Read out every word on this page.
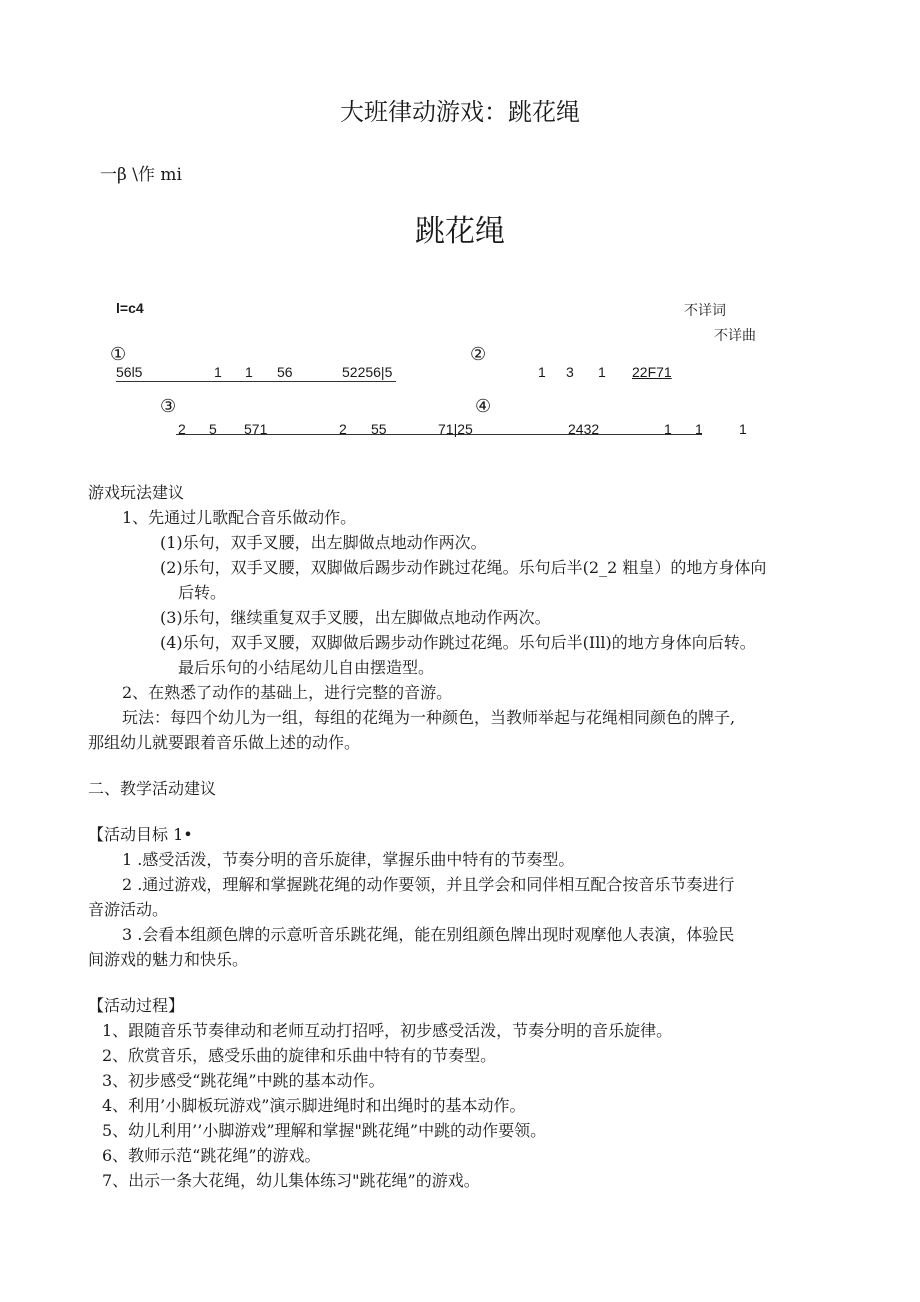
大班律动游戏：跳花绳
一β \作 mi
跳花绳
l=c4	不详词
不详曲
①	②
③	④
56l5	1 1 56	52256|5	1 3 1 22F71
2 5 571	2 55	71|25	2432	1 1	1
游戏玩法建议
1、先通过儿歌配合音乐做动作。
(1)乐句，双手叉腰，出左脚做点地动作两次。
(2)乐句，双手叉腰，双脚做后踢步动作跳过花绳。乐句后半(2_2 粗皇）的地方身体向
后转。
(3)乐句，继续重复双手叉腰，出左脚做点地动作两次。
(4)乐句，双手叉腰，双脚做后踢步动作跳过花绳。乐句后半(Ill)的地方身体向后转。
最后乐句的小结尾幼儿自由摆造型。
2、在熟悉了动作的基础上，进行完整的音游。
玩法：每四个幼儿为一组，每组的花绳为一种颜色，当教师举起与花绳相同颜色的牌子,
那组幼儿就要跟着音乐做上述的动作。
二、教学活动建议
【活动目标 1•
1 .感受活泼，节奏分明的音乐旋律，掌握乐曲中特有的节奏型。
2 .通过游戏，理解和掌握跳花绳的动作要领，并且学会和同伴相互配合按音乐节奏进行
音游活动。
3 .会看本组颜色牌的示意听音乐跳花绳，能在别组颜色牌出现时观摩他人表演，体验民
间游戏的魅力和快乐。
【活动过程】
1、跟随音乐节奏律动和老师互动打招呼，初步感受活泼，节奏分明的音乐旋律。
2、欣赏音乐，感受乐曲的旋律和乐曲中特有的节奏型。
3、初步感受“跳花绳”中跳的基本动作。
4、利用’小脚板玩游戏”演示脚进绳时和出绳时的基本动作。
5、幼儿利用’’小脚游戏”理解和掌握"跳花绳”中跳的动作要领。
6、教师示范“跳花绳”的游戏。
7、出示一条大花绳，幼儿集体练习"跳花绳”的游戏。
